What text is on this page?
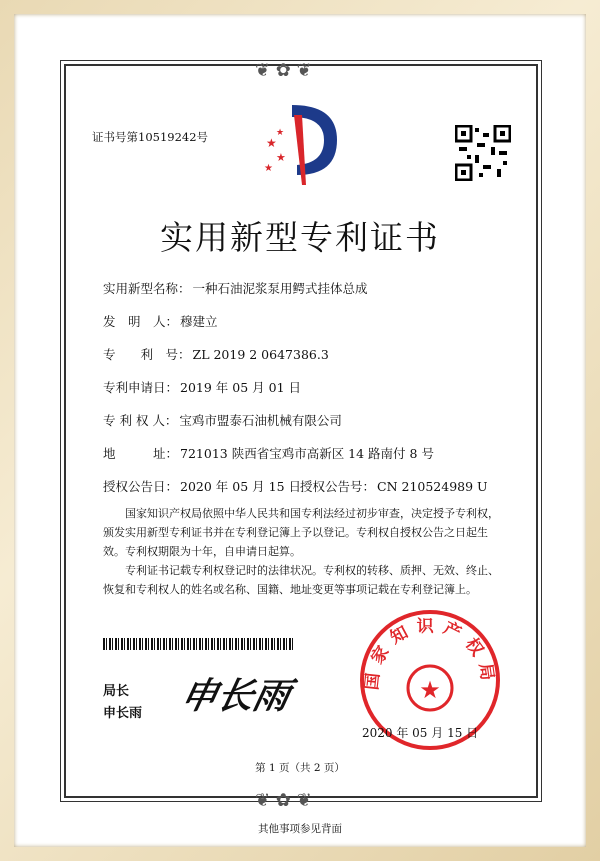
❦ ✿ ❦
❦ ✿ ❦
证书号第10519242号	★
★
★
★
实用新型专利证书
实用新型名称： 一种石油泥浆泵用鳄式挂体总成
发　明　人： 穆建立
专　　利　号： ZL 2019 2 0647386.3
专利申请日： 2019 年 05 月 01 日
专 利 权 人： 宝鸡市盟泰石油机械有限公司
地　　　址： 721013 陕西省宝鸡市高新区 14 路南付 8 号
授权公告日： 2020 年 05 月 15 日
授权公告号： CN 210524989 U
国家知识产权局依照中华人民共和国专利法经过初步审查，决定授予专利权，颁发实用新型专利证书并在专利登记簿上予以登记。专利权自授权公告之日起生效。专利权期限为十年，自申请日起算。
专利证书记载专利权登记时的法律状况。专利权的转移、质押、无效、终止、恢复和专利权人的姓名或名称、国籍、地址变更等事项记载在专利登记簿上。
局长
申长雨 申长雨	★
国家知识产权局
2020 年 05 月 15 日
第 1 页（共 2 页）
其他事项参见背面
